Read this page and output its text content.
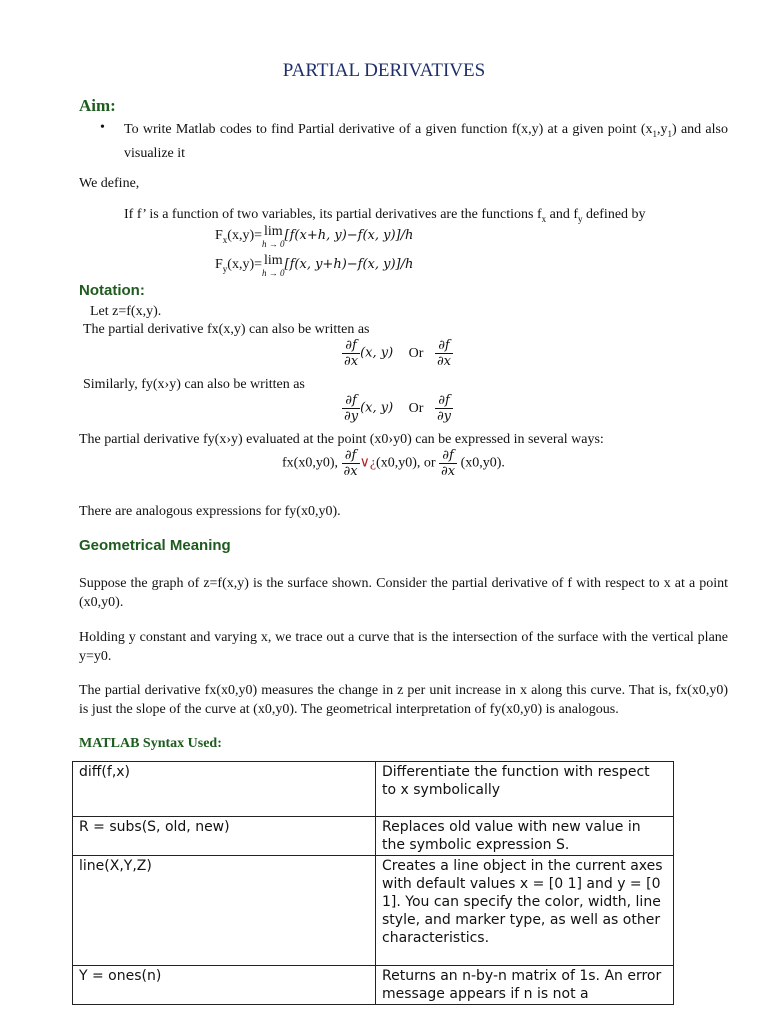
PARTIAL DERIVATIVES
Aim:
• To write Matlab codes to find Partial derivative of a given function f(x,y) at a given point $(x_1,y_1)$ and also visualize it
We define,
If f’ is a function of two variables, its partial derivatives are the functions $f_x$ and $f_y$ defined by
$F_x(x,y)= \lim$
h → 0
[f(x+h, y)−f(x, y)]/h
$F_y(x,y)= \lim$
h → 0
[f(x, y+h)−f(x, y)]/h
Notation:
Let z=f(x,y).
The partial derivative fx(x,y) can also be written as
$\frac{\partial f}{\partial x} (x$, y) Or $\frac{\partial f}{\partial x}$
Similarly, fy(x›y) can also be written as
$\frac{\partial f}{\partial y} (x$, y) Or $\frac{\partial f}{\partial y}$
The partial derivative fy(x›y) evaluated at the point (x0›y0) can be expressed in several ways:
fx(x0,y0), $\frac{\partial f}{\partial x}$ ∨¿(x0,y0), or $\frac{\partial f}{\partial x} (x0,y0)$.
There are analogous expressions for fy(x0,y0).
Geometrical Meaning
Suppose the graph of z=f(x,y) is the surface shown. Consider the partial derivative of f with respect to x at a point (x0,y0).
Holding y constant and varying x, we trace out a curve that is the intersection of the surface with the vertical plane y=y0.
The partial derivative fx(x0,y0) measures the change in z per unit increase in x along this curve. That is, fx(x0,y0) is just the slope of the curve at (x0,y0). The geometrical interpretation of fy(x0,y0) is analogous.
MATLAB Syntax Used:
diff(f,x)	Differentiate the function with respect to x symbolically
R = subs(S, old, new)	Replaces old value with new value in the symbolic expression S.
line(X,Y,Z)	Creates a line object in the current axes with default values x = [0 1] and y = [0 1]. You can specify the color, width, line style, and marker type, as well as other characteristics.
Y = ones(n)	Returns an n-by-n matrix of 1s. An error message appears if n is not a
